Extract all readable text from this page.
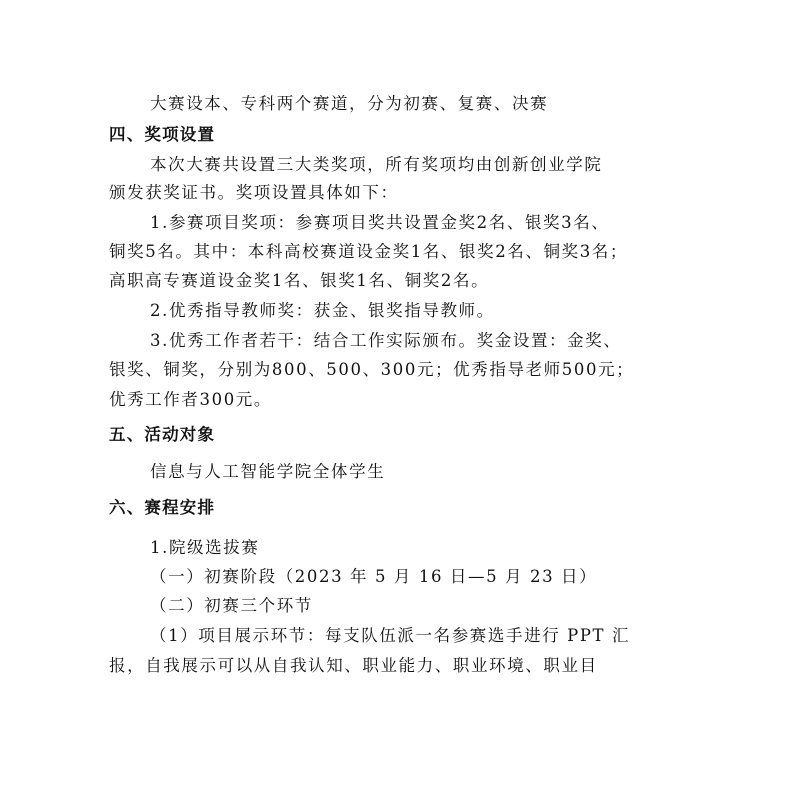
大赛设本、专科两个赛道，分为初赛、复赛、决赛
四、奖项设置
本次大赛共设置三大类奖项，所有奖项均由创新创业学院
颁发获奖证书。奖项设置具体如下：
1.参赛项目奖项：参赛项目奖共设置金奖2名、银奖3名、
铜奖5名。其中：本科高校赛道设金奖1名、银奖2名、铜奖3名；
高职高专赛道设金奖1名、银奖1名、铜奖2名。
2.优秀指导教师奖：获金、银奖指导教师。
3.优秀工作者若干：结合工作实际颁布。奖金设置：金奖、
银奖、铜奖，分别为800、500、300元；优秀指导老师500元；
优秀工作者300元。
五、活动对象
信息与人工智能学院全体学生
六、赛程安排
1.院级选拔赛
（一）初赛阶段（2023 年 5 月 16 日—5 月 23 日）
（二）初赛三个环节
（1）项目展示环节：每支队伍派一名参赛选手进行 PPT 汇
报，自我展示可以从自我认知、职业能力、职业环境、职业目
